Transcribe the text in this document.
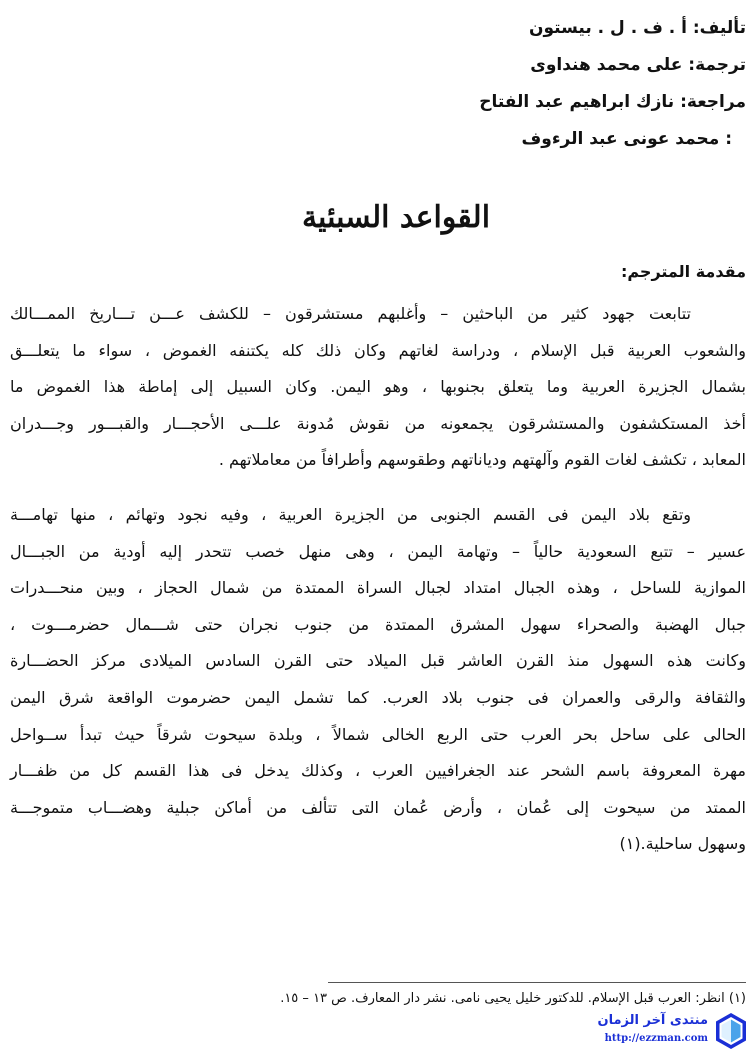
تأليف: أ . ف . ل . بيستون
ترجمة: على محمد هنداوى
مراجعة: نازك ابراهيم عبد الفتاح
: محمد عونى عبد الرءوف
القواعد السبئية
مقدمة المترجم:
تتابعت جهود كثير من الباحثين – وأغلبهم مستشرقون – للكشف عـــن تـــاريخ الممـــالك
والشعوب العربية قبل الإسلام ، ودراسة لغاتهم وكان ذلك كله يكتنفه الغموض ، سواء ما يتعلـــق
بشمال الجزيرة العربية وما يتعلق بجنوبها ، وهو اليمن. وكان السبيل إلى إماطة هذا الغموض ما
أخذ المستكشفون والمستشرقون يجمعونه من نقوش مُدونة علـــى الأحجـــار والقبـــور وجـــدران
المعابد ، تكشف لغات القوم وآلهتهم ودياناتهم وطقوسهم وأطرافاً من معاملاتهم .
وتقع بلاد اليمن فى القسم الجنوبى من الجزيرة العربية ، وفيه نجود وتهائم ، منها تهامـــة
عسير – تتبع السعودية حالياً – وتهامة اليمن ، وهى منهل خصب تتحدر إليه أودية من الجبـــال
الموازية للساحل ، وهذه الجبال امتداد لجبال السراة الممتدة من شمال الحجاز ، وبين منحـــدرات
جبال الهضبة والصحراء سهول المشرق الممتدة من جنوب نجران حتى شـــمال حضرمـــوت ،
وكانت هذه السهول منذ القرن العاشر قبل الميلاد حتى القرن السادس الميلادى مركز الحضـــارة
والثقافة والرقى والعمران فى جنوب بلاد العرب. كما تشمل اليمن حضرموت الواقعة شرق اليمن
الحالى على ساحل بحر العرب حتى الربع الخالى شمالاً ، وبلدة سيحوت شرقاً حيث تبدأ ســواحل
مهرة المعروفة باسم الشحر عند الجغرافيين العرب ، وكذلك يدخل فى هذا القسم كل من ظفـــار
الممتد من سيحوت إلى عُمان ، وأرض عُمان التى تتألف من أماكن جبلية وهضـــاب متموجـــة
وسهول ساحلية.(١)
(١) انظر: العرب قبل الإسلام. للدكتور خليل يحيى نامى. نشر دار المعارف. ص ١٣ – ١٥.
منتدى آخر الزمان
http://ezzman.com
